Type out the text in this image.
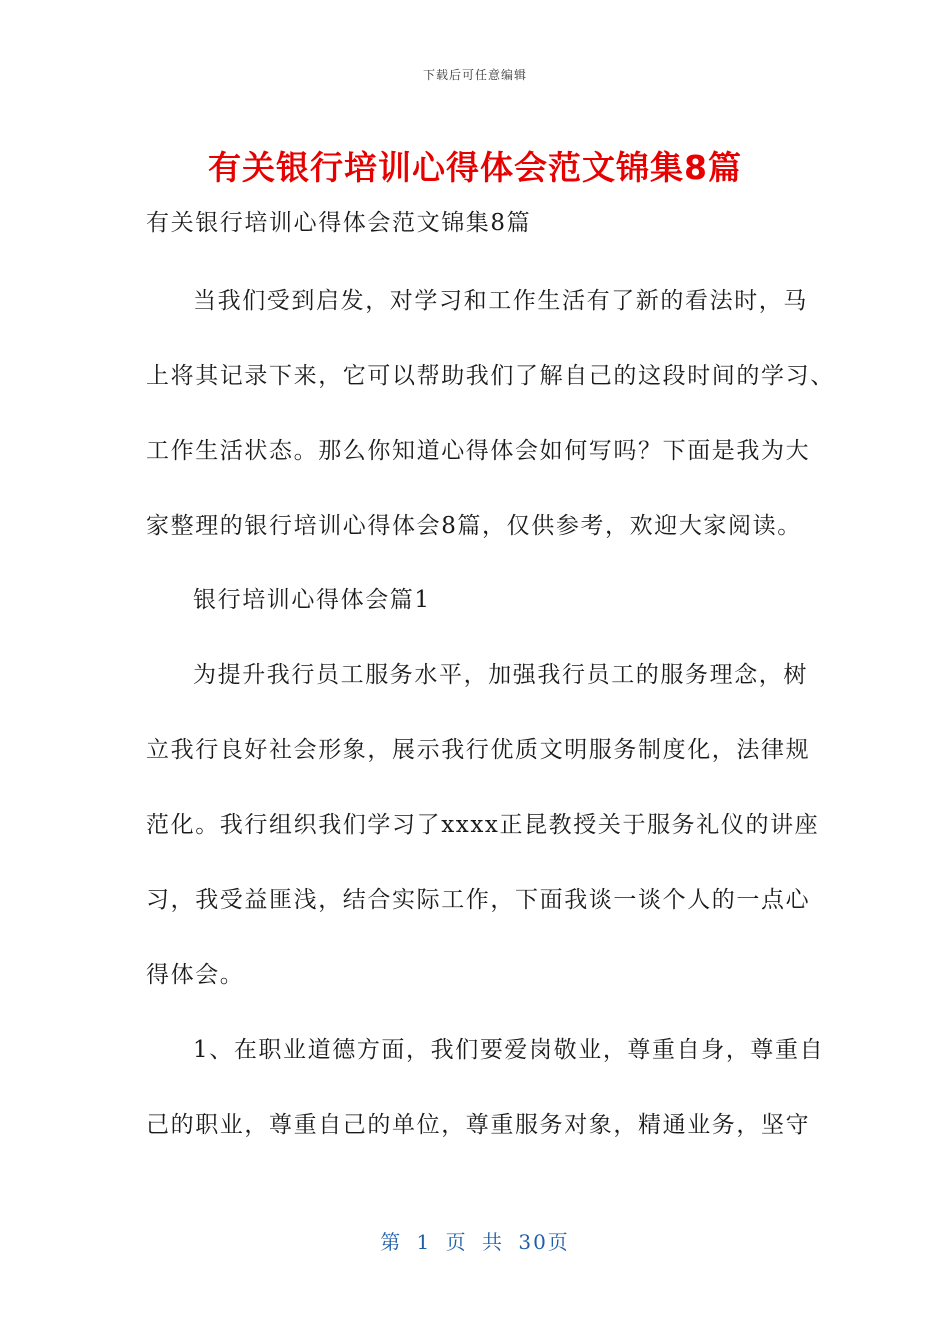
下载后可任意编辑
有关银行培训心得体会范文锦集8篇

有关银行培训心得体会范文锦集8篇

当我们受到启发，对学习和工作生活有了新的看法时，马

上将其记录下来，它可以帮助我们了解自己的这段时间的学习、

工作生活状态。那么你知道心得体会如何写吗？下面是我为大

家整理的银行培训心得体会8篇，仅供参考，欢迎大家阅读。

银行培训心得体会篇1

为提升我行员工服务水平，加强我行员工的服务理念，树

立我行良好社会形象，展示我行优质文明服务制度化，法律规

范化。我行组织我们学习了xxxx正昆教授关于服务礼仪的讲座

习，我受益匪浅，结合实际工作，下面我谈一谈个人的一点心

得体会。

1、在职业道德方面，我们要爱岗敬业，尊重自身，尊重自

己的职业，尊重自己的单位，尊重服务对象，精通业务，坚守

第 1 页 共 30页
